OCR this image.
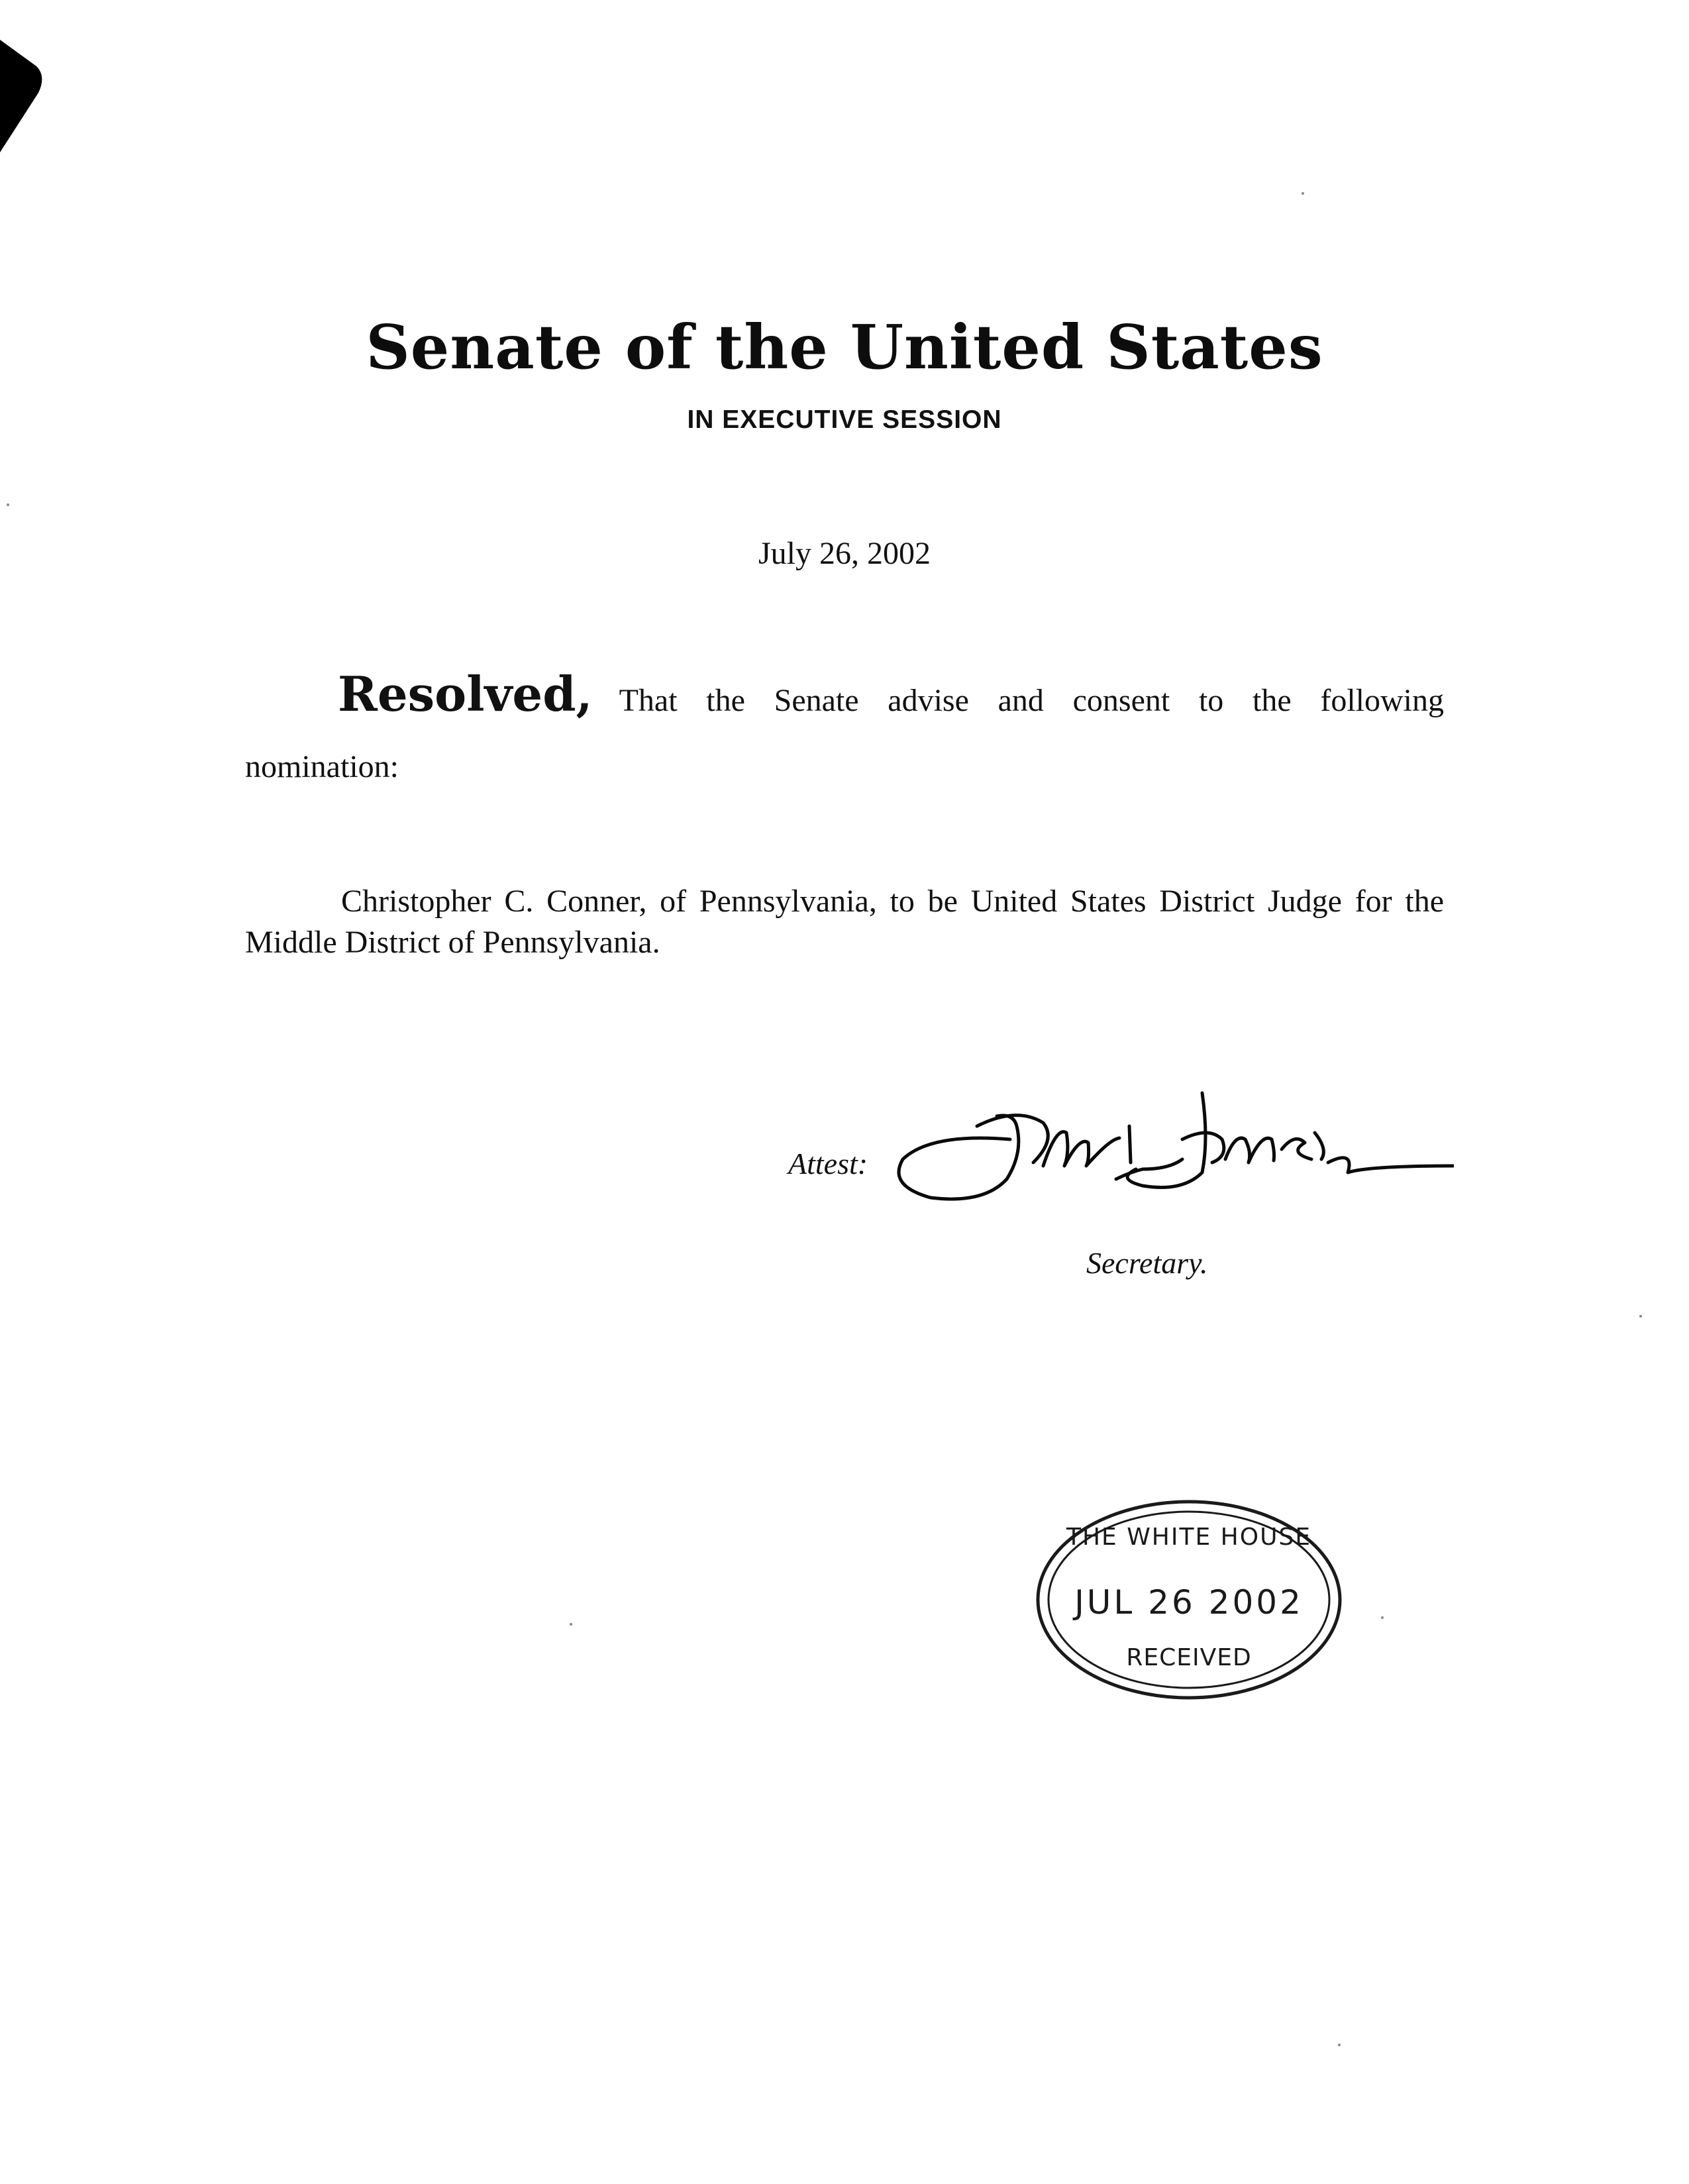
Senate of the United States
IN EXECUTIVE SESSION
July 26, 2002
Resolved, That the Senate advise and consent to the following
nomination:
Christopher C. Conner, of Pennsylvania, to be United States District Judge for the Middle District of Pennsylvania.
Attest:
Secretary.
THE WHITE HOUSE
JUL 26 2002
RECEIVED
